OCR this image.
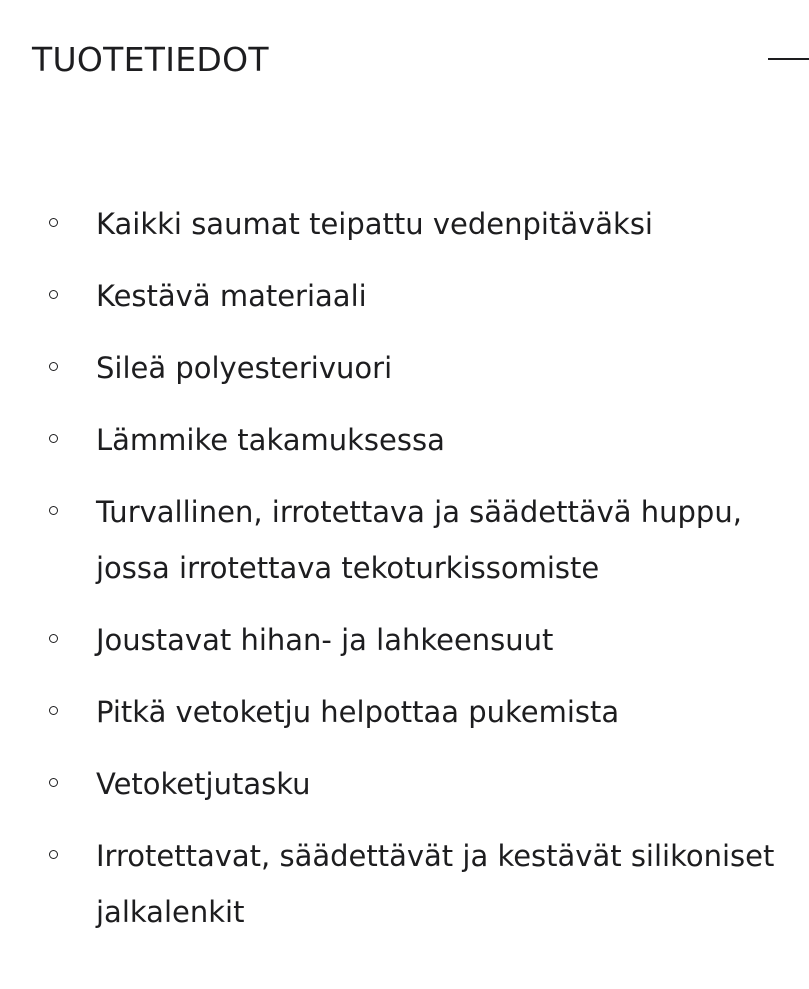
TUOTETIEDOT
Kaikki saumat teipattu vedenpitäväksi
Kestävä materiaali
Sileä polyesterivuori
Lämmike takamuksessa
Turvallinen, irrotettava ja säädettävä huppu, jossa irrotettava tekoturkissomiste
Joustavat hihan- ja lahkeensuut
Pitkä vetoketju helpottaa pukemista
Vetoketjutasku
Irrotettavat, säädettävät ja kestävät silikoniset jalkalenkit
